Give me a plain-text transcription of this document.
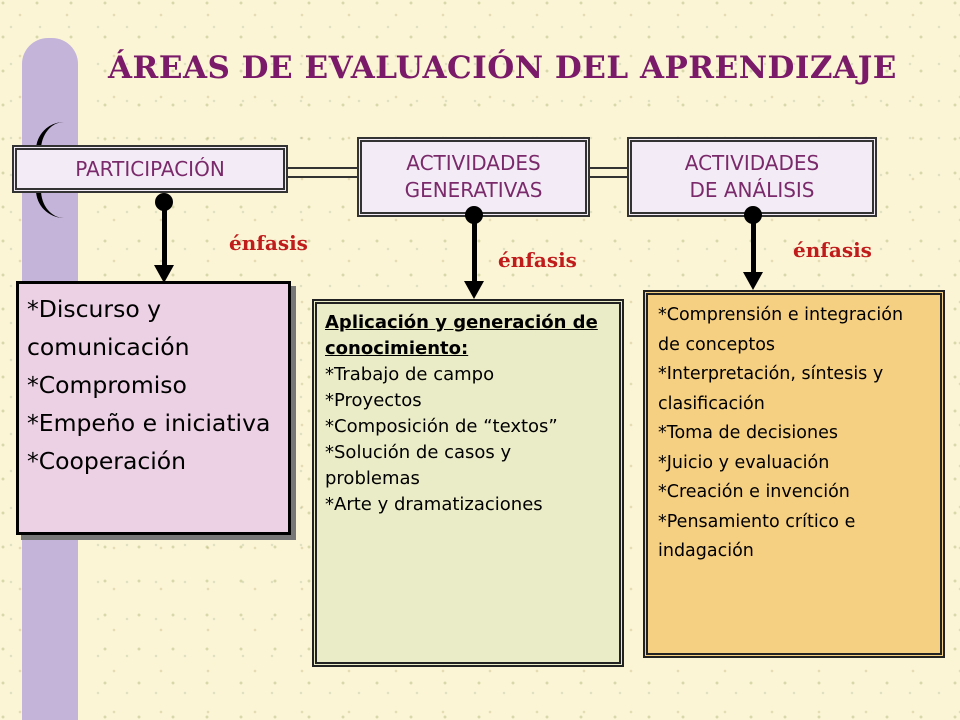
ÁREAS DE EVALUACIÓN DEL APRENDIZAJE
PARTICIPACIÓN	ACTIVIDADES
GENERATIVAS
ACTIVIDADES
DE ANÁLISIS
énfasis
énfasis	énfasis
*Discurso y comunicación
*Compromiso
*Empeño e iniciativa
*Cooperación
Aplicación y generación de conocimiento:
*Trabajo de campo
*Proyectos
*Composición de “textos”
*Solución de casos y problemas
*Arte y dramatizaciones
*Comprensión e integración de conceptos
*Interpretación, síntesis y clasificación
*Toma de decisiones
*Juicio y evaluación
*Creación e invención
*Pensamiento crítico e indagación
